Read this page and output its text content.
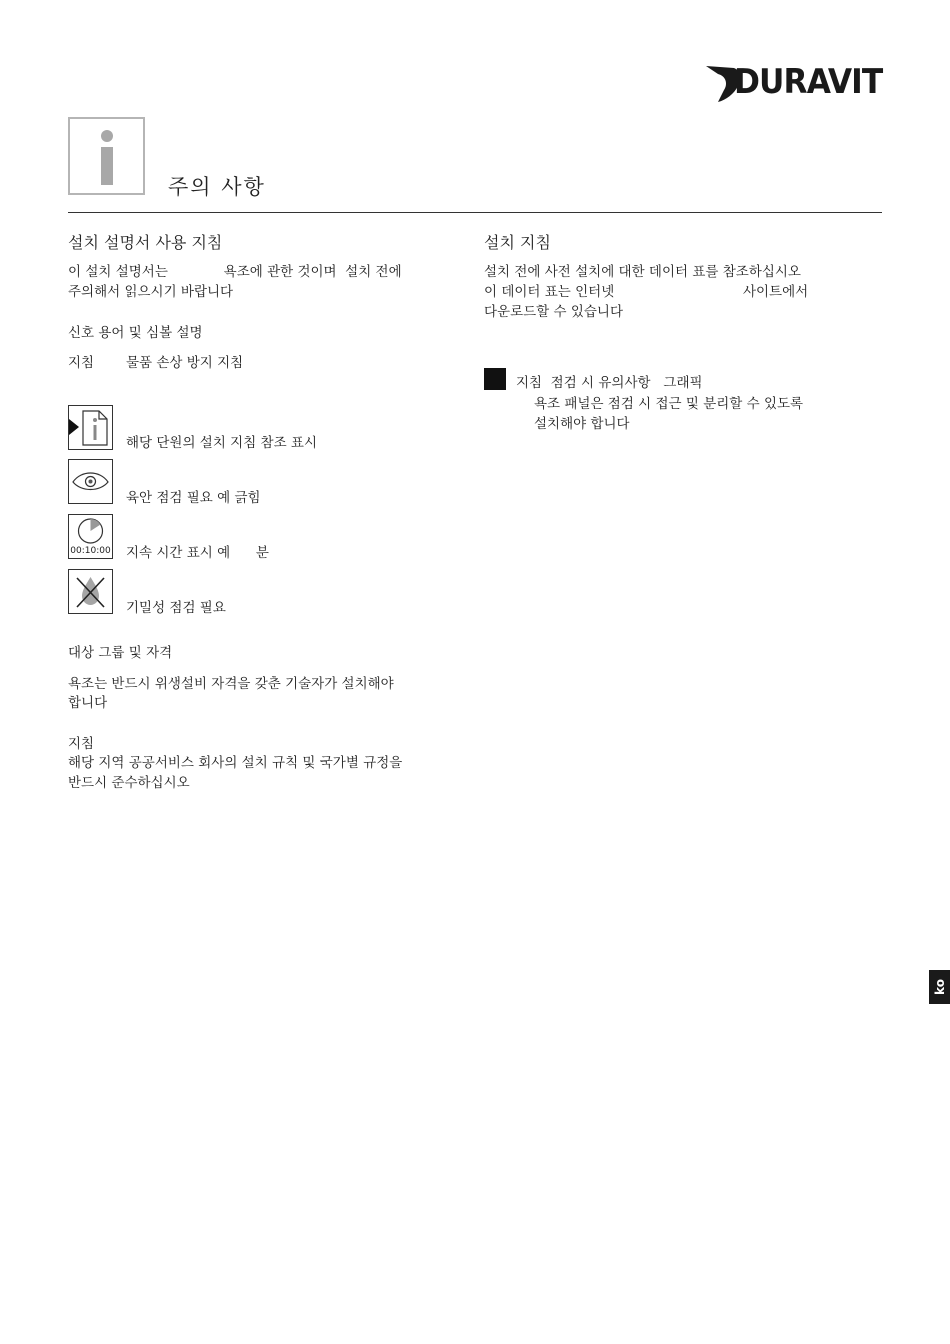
DURAVIT
주의 사항
설치 설명서 사용 지침
이 설치 설명서는             욕조에 관한 것이며  설치 전에
주의해서 읽으시기 바랍니다
신호 용어 및 심볼 설명
지침 물품 손상 방지 지침
해당 단원의 설치 지침 참조 표시
육안 점검 필요 예 긁힘
00:10:00 지속 시간 표시 예      분
기밀성 점검 필요
대상 그룹 및 자격
욕조는 반드시 위생설비 자격을 갖춘 기술자가 설치해야
합니다
지침
해당 지역 공공서비스 회사의 설치 규칙 및 국가별 규정을
반드시 준수하십시오
설치 지침
설치 전에 사전 설치에 대한 데이터 표를 참조하십시오
이 데이터 표는 인터넷                              사이트에서
다운로드할 수 있습니다
지침  점검 시 유의사항   그래픽
욕조 패널은 점검 시 접근 및 분리할 수 있도록
설치해야 합니다
ko
